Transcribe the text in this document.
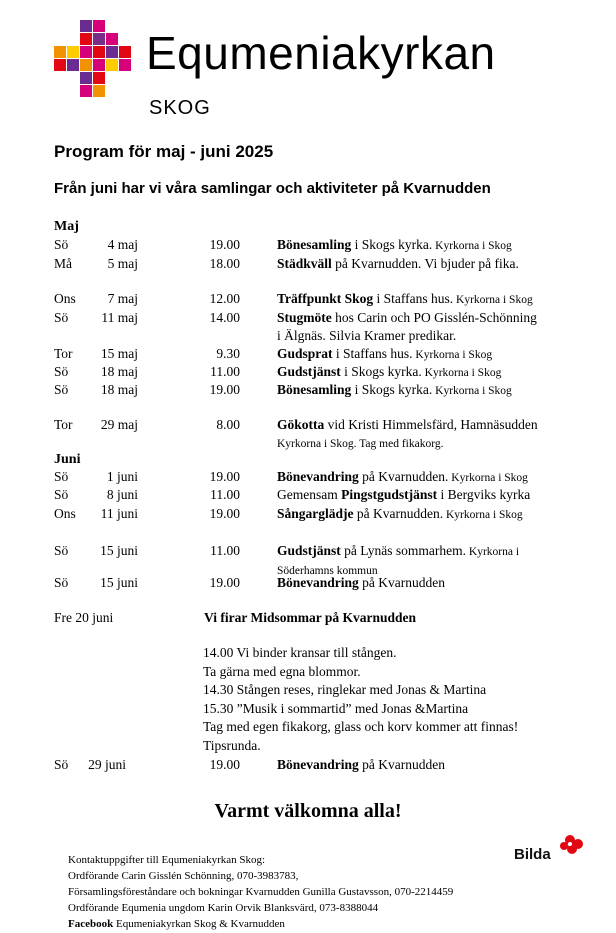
Equmeniakyrkan
SKOG
Program för maj - juni 2025
Från juni har vi våra samlingar och aktiviteter på Kvarnudden
Maj
Juni
Sö	4 maj	19.00	Bönesamling i Skogs kyrka. Kyrkorna i Skog
Må	5 maj	18.00	Städkväll på Kvarnudden. Vi bjuder på fika.
Ons	7 maj	12.00	Träffpunkt Skog i Staffans hus. Kyrkorna i Skog
Sö	11 maj	14.00	Stugmöte hos Carin och PO Gisslén-Schönning
i Älgnäs. Silvia Kramer predikar.
Tor	15 maj	9.30	Gudsprat i Staffans hus. Kyrkorna i Skog
Sö	18 maj	11.00	Gudstjänst i Skogs kyrka. Kyrkorna i Skog
Sö	18 maj	19.00	Bönesamling i Skogs kyrka. Kyrkorna i Skog
Tor	29 maj	8.00	Gökotta vid Kristi Himmelsfärd, Hamnäsudden
Kyrkorna i Skog. Tag med fikakorg.
Sö	1 juni	19.00	Bönevandring på Kvarnudden. Kyrkorna i Skog
Sö	8 juni	11.00	Gemensam Pingstgudstjänst i Bergviks kyrka
Ons	11 juni	19.00	Sångarglädje på Kvarnudden. Kyrkorna i Skog
Sö	15 juni	11.00	Gudstjänst på Lynäs sommarhem. Kyrkorna i
Söderhamns kommun
Sö	15 juni	19.00	Bönevandring på Kvarnudden
Fre 20 juni	Vi firar Midsommar på Kvarnudden
14.00 Vi binder kransar till stången.
Ta gärna med egna blommor.
14.30 Stången reses, ringlekar med Jonas & Martina
15.30 ”Musik i sommartid” med Jonas &Martina
Tag med egen fikakorg, glass och korv kommer att finnas!
Tipsrunda.
Sö	29 juni	19.00	Bönevandring på Kvarnudden
Varmt välkomna alla!
Kontaktuppgifter till Equmeniakyrkan Skog:
Ordförande Carin Gisslén Schönning, 070-3983783,
Församlingsföreståndare och bokningar Kvarnudden Gunilla Gustavsson, 070-2214459
Ordförande Equmenia ungdom Karin Orvik Blanksvärd, 073-8388044
Facebook Equmeniakyrkan Skog & Kvarnudden
Bilda
